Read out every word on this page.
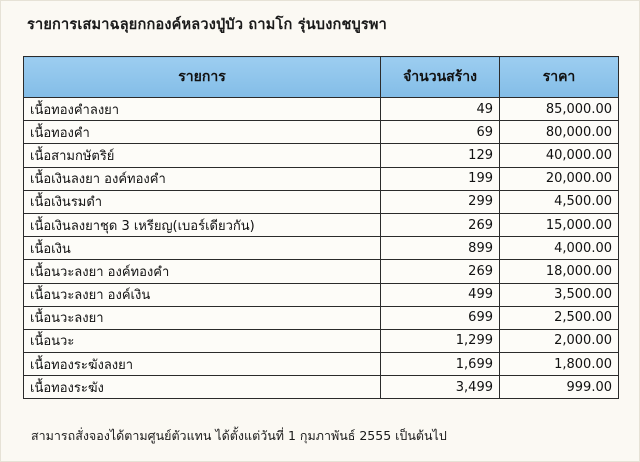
รายการเสมาฉลุยกกองค์หลวงปู่บัว ถามโก รุ่นบงกชบูรพา
รายการ	จำนวนสร้าง	ราคา
เนื้อทองคำลงยา	49	85,000.00
เนื้อทองคำ	69	80,000.00
เนื้อสามกษัตริย์	129	40,000.00
เนื้อเงินลงยา องค์ทองคำ	199	20,000.00
เนื้อเงินรมดำ	299	4,500.00
เนื้อเงินลงยาชุด 3 เหรียญ(เบอร์เดียวกัน)	269	15,000.00
เนื้อเงิน	899	4,000.00
เนื้อนวะลงยา องค์ทองคำ	269	18,000.00
เนื้อนวะลงยา องค์เงิน	499	3,500.00
เนื้อนวะลงยา	699	2,500.00
เนื้อนวะ	1,299	2,000.00
เนื้อทองระฆังลงยา	1,699	1,800.00
เนื้อทองระฆัง	3,499	999.00
สามารถสั่งจองได้ตามศูนย์ตัวแทน ได้ตั้งแต่วันที่ 1 กุมภาพันธ์ 2555 เป็นต้นไป
